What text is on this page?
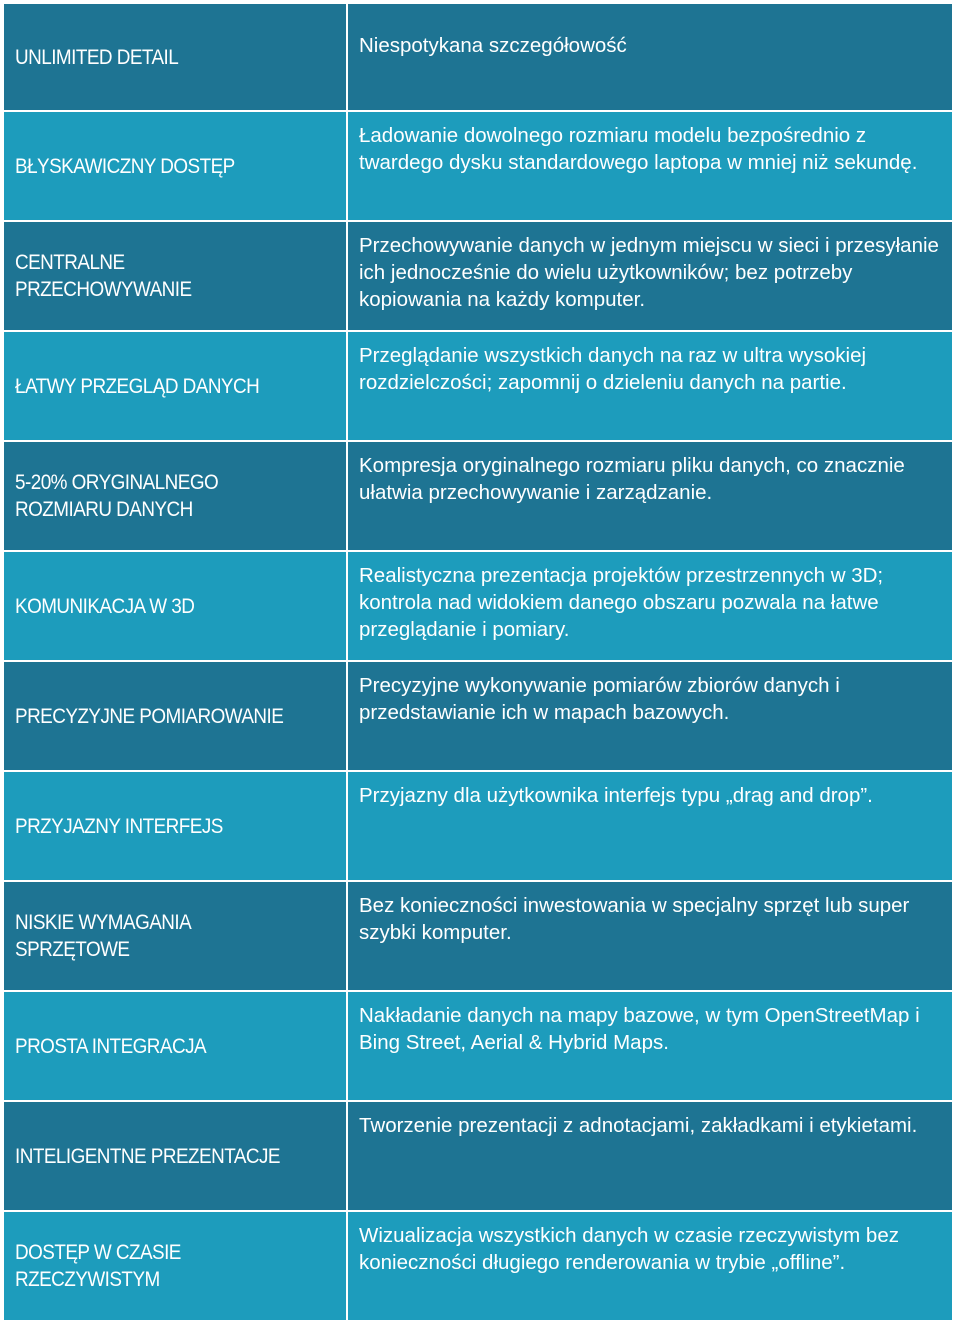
UNLIMITED DETAIL	Niespotykana szczegółowość
BŁYSKAWICZNY DOSTĘP
Ładowanie dowolnego rozmiaru modelu bezpośrednio z twardego dysku standardowego laptopa w mniej niż sekundę.
CENTRALNE PRZECHOWYWANIE
Przechowywanie danych w jednym miejscu w sieci i przesyłanie ich jednocześnie do wielu użytkowników; bez potrzeby kopiowania na każdy komputer.
ŁATWY PRZEGLĄD DANYCH
Przeglądanie wszystkich danych na raz w ultra wysokiej rozdzielczości; zapomnij o dzieleniu danych na partie.
5-20% ORYGINALNEGO ROZMIARU DANYCH
Kompresja oryginalnego rozmiaru pliku danych, co znacznie ułatwia przechowywanie i zarządzanie.
KOMUNIKACJA W 3D
Realistyczna prezentacja projektów przestrzennych w 3D; kontrola nad widokiem danego obszaru pozwala na łatwe przeglądanie i pomiary.
PRECYZYJNE POMIAROWANIE
Precyzyjne wykonywanie pomiarów zbiorów danych i przedstawianie ich w mapach bazowych.
PRZYJAZNY INTERFEJS
Przyjazny dla użytkownika interfejs typu „drag and drop”.
NISKIE WYMAGANIA SPRZĘTOWE
Bez konieczności inwestowania w specjalny sprzęt lub super szybki komputer.
PROSTA INTEGRACJA
Nakładanie danych na mapy bazowe, w tym OpenStreetMap i Bing Street, Aerial & Hybrid Maps.
INTELIGENTNE PREZENTACJE
Tworzenie prezentacji z adnotacjami, zakładkami i etykietami.
DOSTĘP W CZASIE RZECZYWISTYM
Wizualizacja wszystkich danych w czasie rzeczywistym bez konieczności długiego renderowania w trybie „offline”.
